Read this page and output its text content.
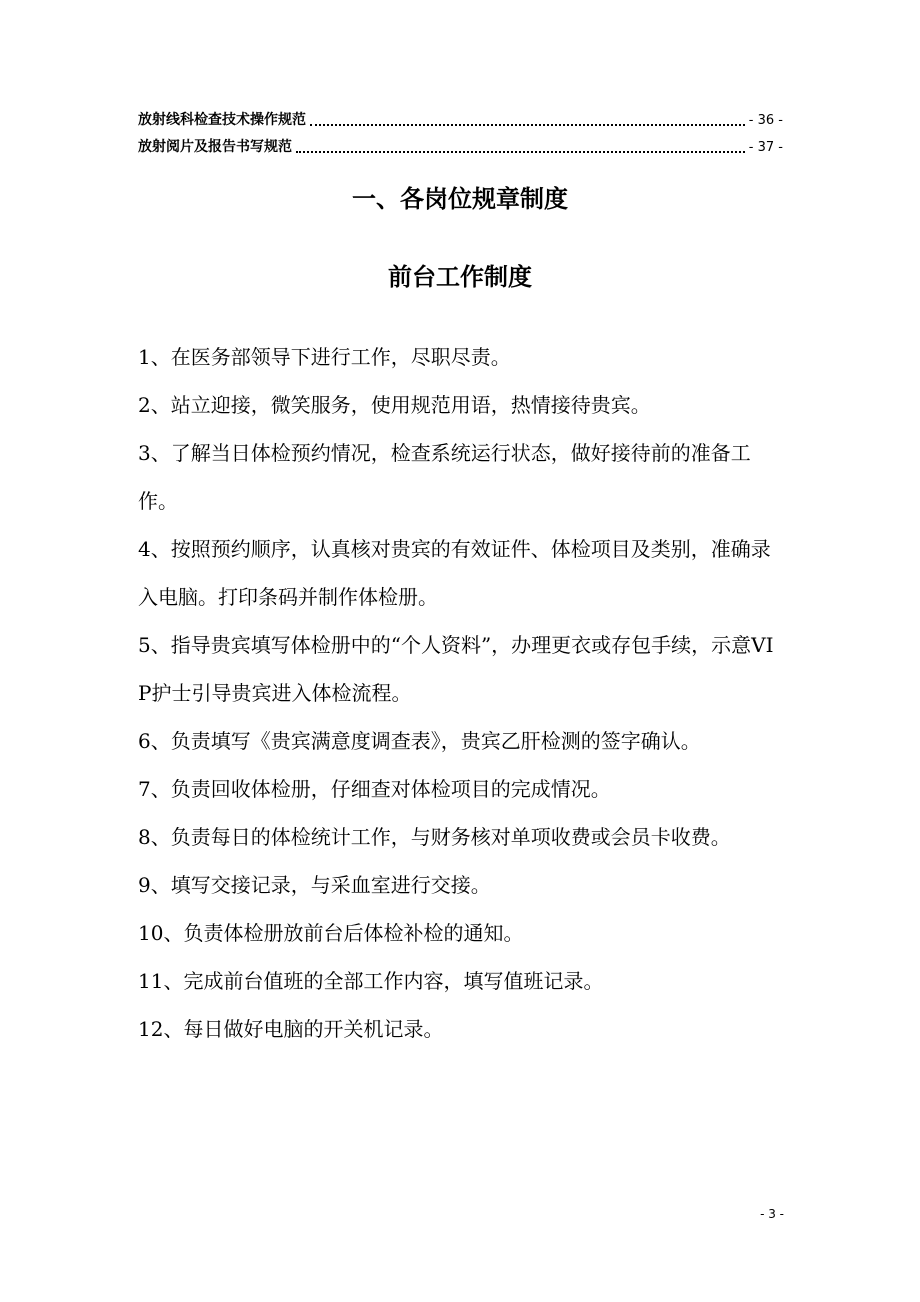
放射线科检查技术操作规范	- 36 -
放射阅片及报告书写规范	- 37 -
一、各岗位规章制度
前台工作制度

1、在医务部领导下进行工作，尽职尽责。

2、站立迎接，微笑服务，使用规范用语，热情接待贵宾。

3、了解当日体检预约情况，检查系统运行状态，做好接待前的准备工作。

4、按照预约顺序，认真核对贵宾的有效证件、体检项目及类别，准确录入电脑。打印条码并制作体检册。

5、指导贵宾填写体检册中的“个人资料”，办理更衣或存包手续，示意VIP护士引导贵宾进入体检流程。

6、负责填写《贵宾满意度调查表》，贵宾乙肝检测的签字确认。

7、负责回收体检册，仔细查对体检项目的完成情况。

8、负责每日的体检统计工作，与财务核对单项收费或会员卡收费。

9、填写交接记录，与采血室进行交接。

10、负责体检册放前台后体检补检的通知。

11、完成前台值班的全部工作内容，填写值班记录。

12、每日做好电脑的开关机记录。

- 3 -
